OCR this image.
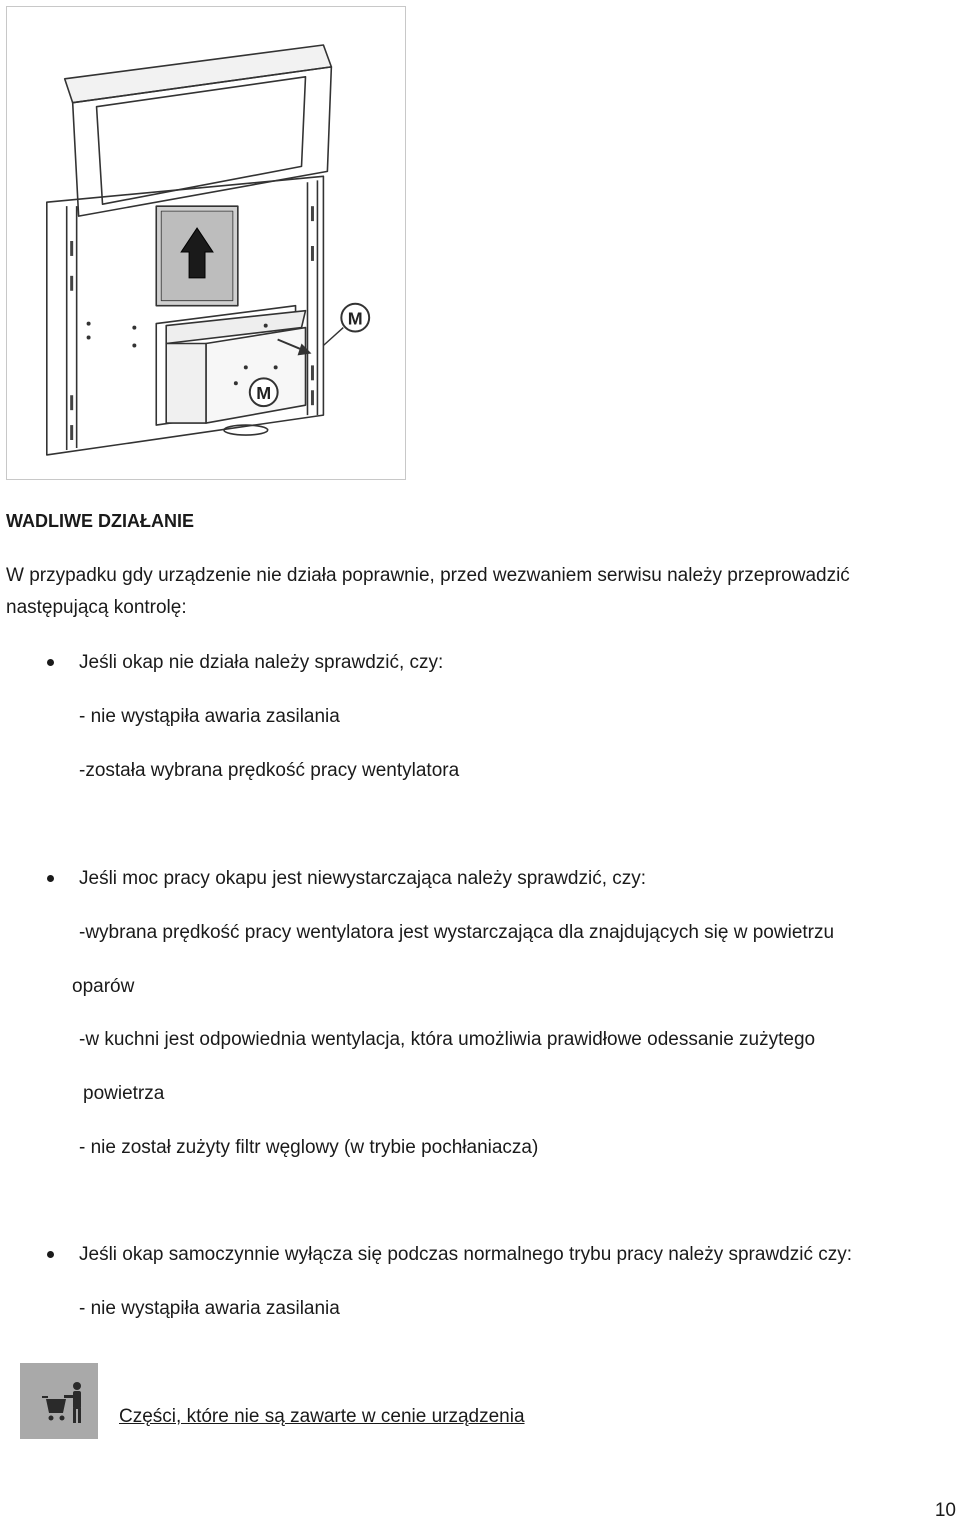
M
M
WADLIWE DZIAŁANIE
W przypadku gdy urządzenie nie działa poprawnie, przed wezwaniem serwisu należy przeprowadzić
następującą kontrolę:
Jeśli okap nie działa należy sprawdzić, czy:
- nie wystąpiła awaria zasilania
-została wybrana prędkość pracy wentylatora
Jeśli moc pracy okapu jest niewystarczająca należy sprawdzić, czy:
-wybrana prędkość pracy wentylatora jest wystarczająca dla znajdujących się w powietrzu
oparów
-w kuchni jest odpowiednia wentylacja, która umożliwia prawidłowe odessanie zużytego
powietrza
- nie został zużyty filtr węglowy (w trybie pochłaniacza)
Jeśli okap samoczynnie wyłącza się podczas normalnego trybu pracy należy sprawdzić czy:
- nie wystąpiła awaria zasilania
Części, które nie są zawarte w cenie urządzenia
10
